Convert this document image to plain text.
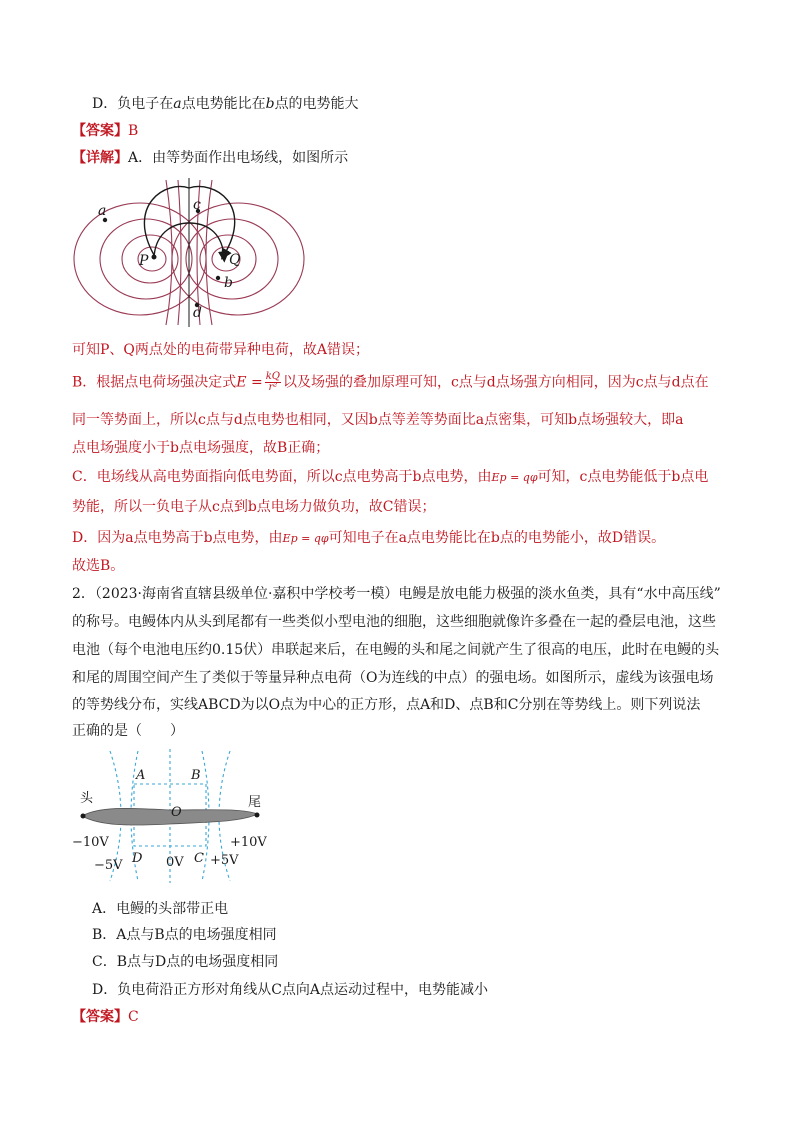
D．负电子在a点电势能比在b点的电势能大
【答案】B
【详解】A．由等势面作出电场线，如图所示
a	c
P	Q
b
d
可知P、Q两点处的电荷带异种电荷，故A错误；
B．根据点电荷场强决定式$E = \frac{kQ}{\text{r²}}$ 以及场强的叠加原理可知，c点与d点场强方向相同，因为c点与d点在
同一等势面上，所以c点与d点电势也相同，又因b点等差等势面比a点密集，可知b点场强较大，即a
点电场强度小于b点电场强度，故B正确；
C．电场线从高电势面指向低电势面，所以c点电势高于b点电势，由Ep = qφ可知，c点电势能低于b点电
势能，所以一负电子从c点到b点电场力做负功，故C错误；
D．因为a点电势高于b点电势，由Ep = qφ可知电子在a点电势能比在b点的电势能小，故D错误。
故选B。
2．（2023·海南省直辖县级单位·嘉积中学校考一模）电鳗是放电能力极强的淡水鱼类，具有“水中高压线”
的称号。电鳗体内从头到尾都有一些类似小型电池的细胞，这些细胞就像许多叠在一起的叠层电池，这些
电池（每个电池电压约0.15伏）串联起来后，在电鳗的头和尾之间就产生了很高的电压，此时在电鳗的头
和尾的周围空间产生了类似于等量异种点电荷（O为连线的中点）的强电场。如图所示，虚线为该强电场
的等势线分布，实线ABCD为以O点为中心的正方形，点A和D、点B和C分别在等势线上。则下列说法
正确的是（　　）
头	尾
A	B
O
D	C
−10V	+10V
−5V	0V +5V
A．电鳗的头部带正电
B．A点与B点的电场强度相同
C．B点与D点的电场强度相同
D．负电荷沿正方形对角线从C点向A点运动过程中，电势能减小
【答案】C
